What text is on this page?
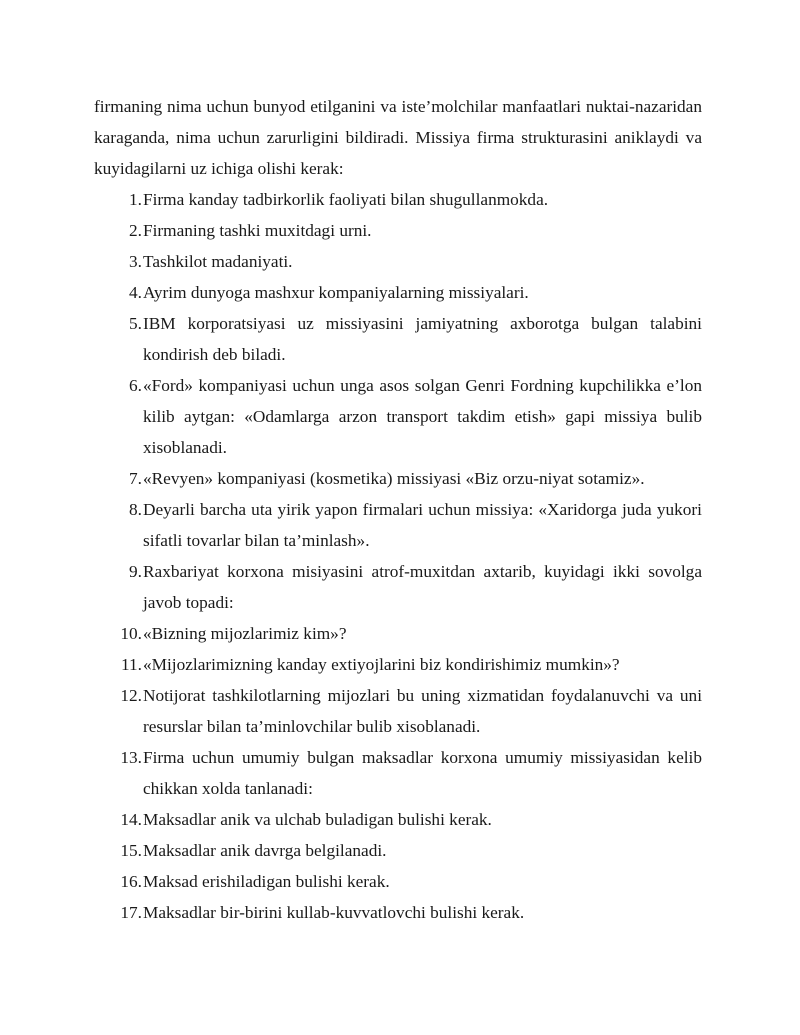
firmaning nima uchun bunyod etilganini va iste’molchilar manfaatlari nuktai-nazaridan karaganda, nima uchun zarurligini bildiradi. Missiya firma strukturasini aniklaydi va kuyidagilarni uz ichiga olishi kerak:

1. Firma kanday tadbirkorlik faoliyati bilan shugullanmokda.
2. Firmaning tashki muxitdagi urni.
3. Tashkilot madaniyati.
4. Ayrim dunyoga mashxur kompaniyalarning missiyalari.
5. IBM korporatsiyasi uz missiyasini jamiyatning axborotga bulgan talabini kondirish deb biladi.
6. «Ford» kompaniyasi uchun unga asos solgan Genri Fordning kupchilikka e’lon kilib aytgan: «Odamlarga arzon transport takdim etish» gapi missiya bulib xisoblanadi.
7. «Revyen» kompaniyasi (kosmetika) missiyasi «Biz orzu-niyat sotamiz».
8. Deyarli barcha uta yirik yapon firmalari uchun missiya: «Xaridorga juda yukori sifatli tovarlar bilan ta’minlash».
9. Raxbariyat korxona misiyasini atrof-muxitdan axtarib, kuyidagi ikki sovolga javob topadi:
10. «Bizning mijozlarimiz kim»?
11. «Mijozlarimizning kanday extiyojlarini biz kondirishimiz mumkin»?
12. Notijorat tashkilotlarning mijozlari bu uning xizmatidan foydalanuvchi va uni resurslar bilan ta’minlovchilar bulib xisoblanadi.
13. Firma uchun umumiy bulgan maksadlar korxona umumiy missiyasidan kelib chikkan xolda tanlanadi:
14. Maksadlar anik va ulchab buladigan bulishi kerak.
15. Maksadlar anik davrga belgilanadi.
16. Maksad erishiladigan bulishi kerak.
17. Maksadlar bir-birini kullab-kuvvatlovchi bulishi kerak.
